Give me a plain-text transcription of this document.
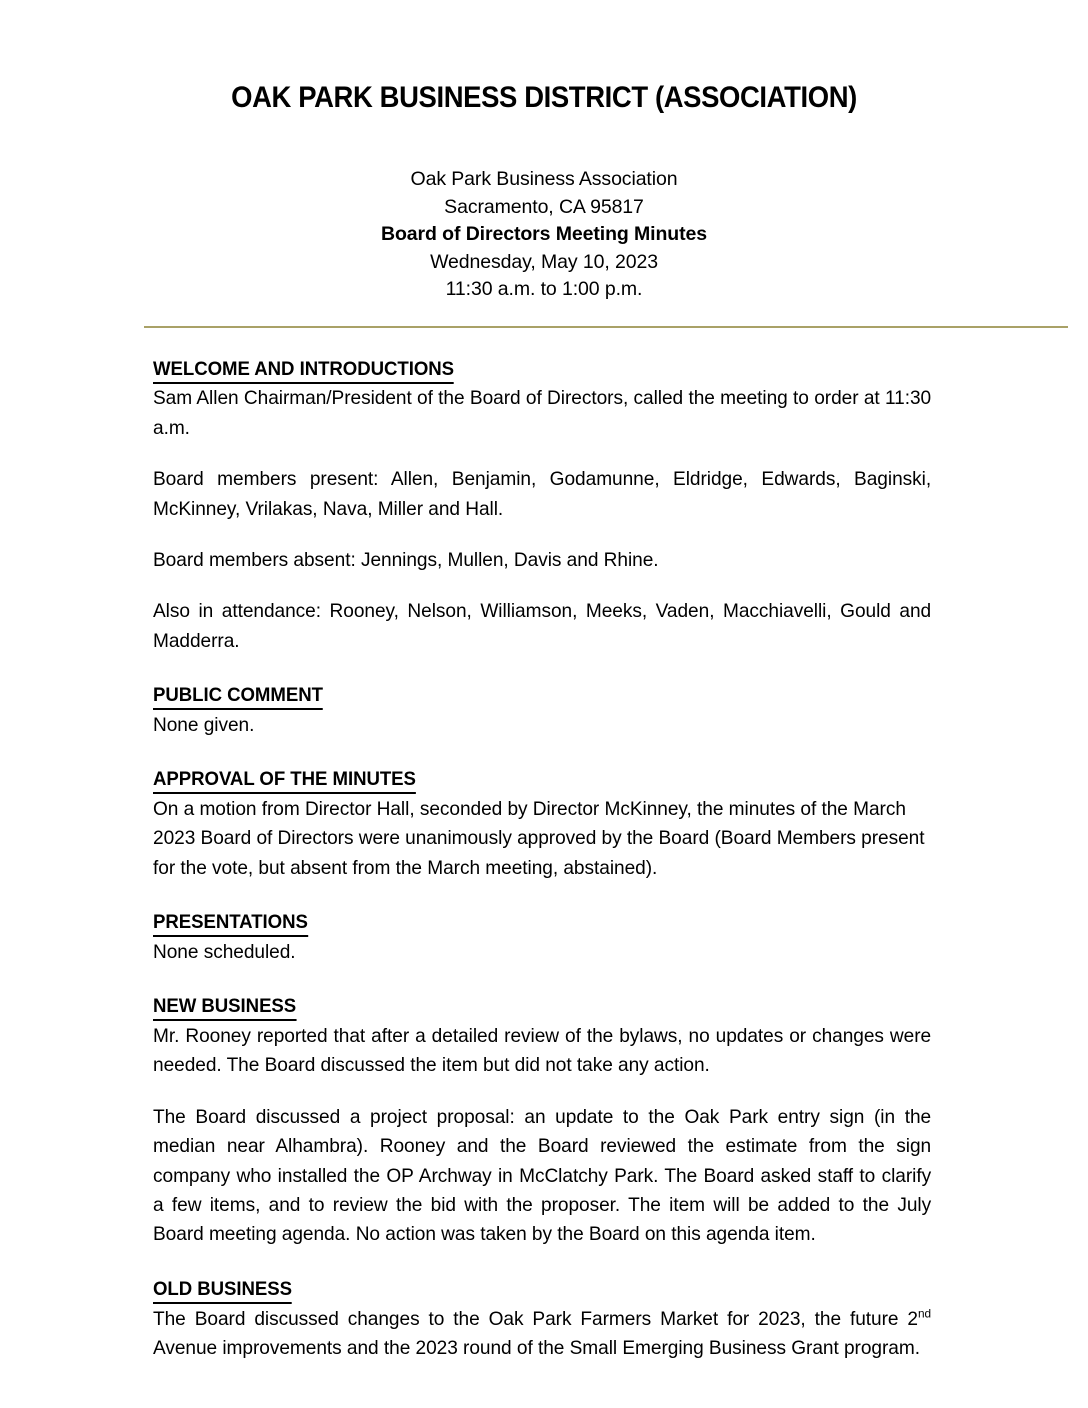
OAK PARK BUSINESS DISTRICT (ASSOCIATION)
Oak Park Business Association
Sacramento, CA 95817
Board of Directors Meeting Minutes
Wednesday, May 10, 2023
11:30 a.m. to 1:00 p.m.
WELCOME AND INTRODUCTIONS

Sam Allen Chairman/President of the Board of Directors, called the meeting to order at 11:30 a.m.

Board members present: Allen, Benjamin, Godamunne, Eldridge, Edwards, Baginski, McKinney, Vrilakas, Nava, Miller and Hall.

Board members absent: Jennings, Mullen, Davis and Rhine.

Also in attendance: Rooney, Nelson, Williamson, Meeks, Vaden, Macchiavelli, Gould and Madderra.

PUBLIC COMMENT

None given.

APPROVAL OF THE MINUTES

On a motion from Director Hall, seconded by Director McKinney, the minutes of the March 2023 Board of Directors were unanimously approved by the Board (Board Members present for the vote, but absent from the March meeting, abstained).

PRESENTATIONS

None scheduled.

NEW BUSINESS

Mr. Rooney reported that after a detailed review of the bylaws, no updates or changes were needed. The Board discussed the item but did not take any action.

The Board discussed a project proposal: an update to the Oak Park entry sign (in the median near Alhambra). Rooney and the Board reviewed the estimate from the sign company who installed the OP Archway in McClatchy Park. The Board asked staff to clarify a few items, and to review the bid with the proposer. The item will be added to the July Board meeting agenda. No action was taken by the Board on this agenda item.

OLD BUSINESS

The Board discussed changes to the Oak Park Farmers Market for 2023, the future 2nd Avenue improvements and the 2023 round of the Small Emerging Business Grant program.
